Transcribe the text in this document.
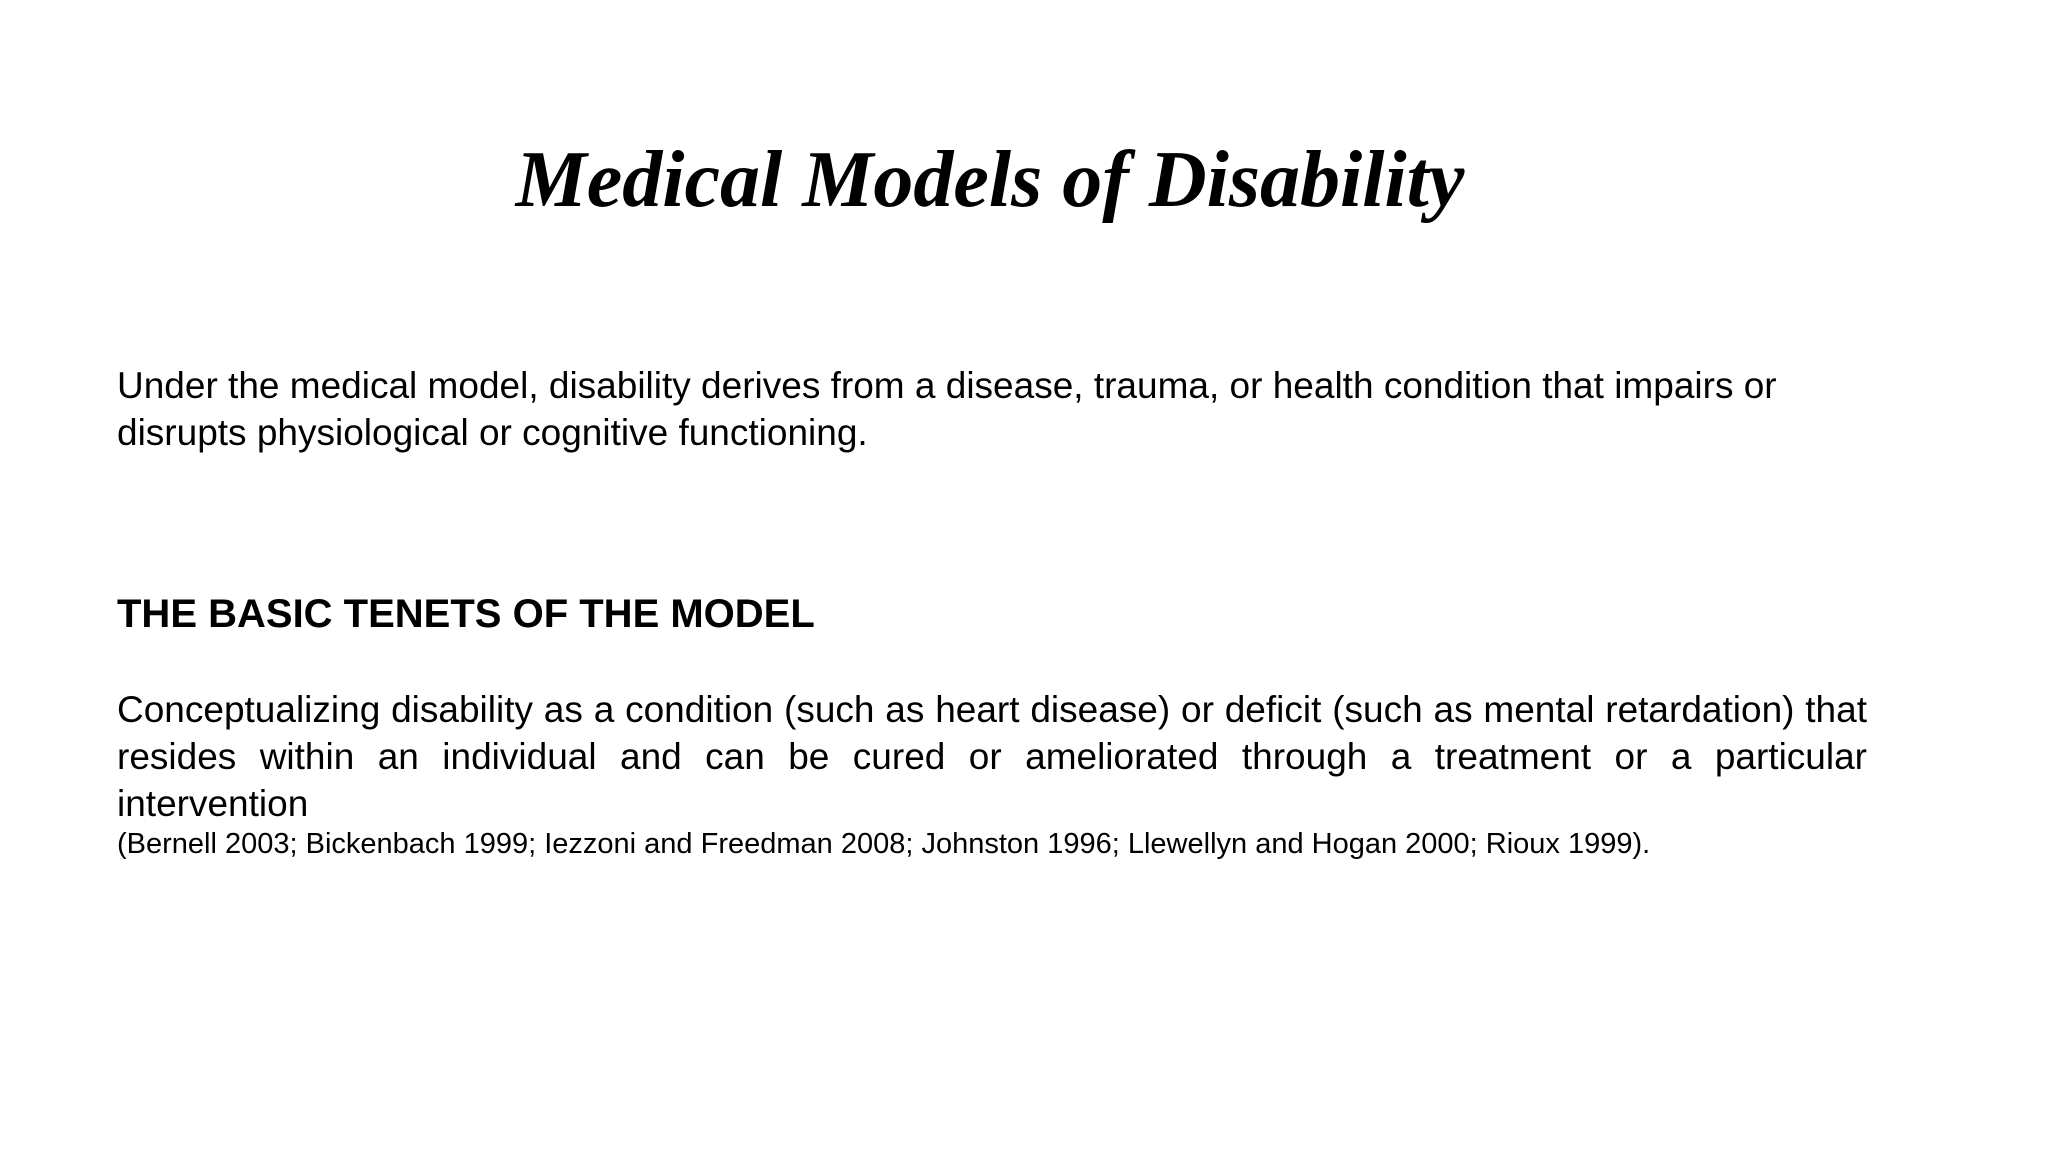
Medical Models of Disability

Under the medical model, disability derives from a disease, trauma, or health condition that impairs or disrupts physiological or cognitive functioning.

THE BASIC TENETS OF THE MODEL

Conceptualizing disability as a condition (such as heart disease) or deficit (such as mental retardation) that resides within an individual and can be cured or ameliorated through a treatment or a particular intervention

(Bernell 2003; Bickenbach 1999; Iezzoni and Freedman 2008; Johnston 1996; Llewellyn and Hogan 2000; Rioux 1999).
